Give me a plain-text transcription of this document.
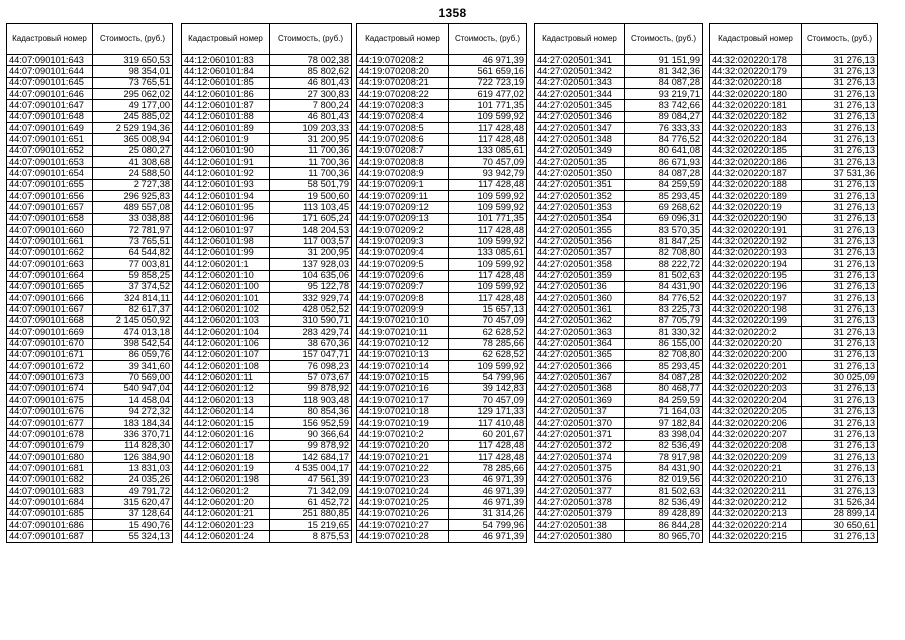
1358
Кадастровый номер	Стоимость, (руб.)
44:07:090101:643	319 650,53
44:07:090101:644	98 354,01
44:07:090101:645	73 765,51
44:07:090101:646	295 062,02
44:07:090101:647	49 177,00
44:07:090101:648	245 885,02
44:07:090101:649	2 529 194,36
44:07:090101:651	365 008,94
44:07:090101:652	25 080,27
44:07:090101:653	41 308,68
44:07:090101:654	24 588,50
44:07:090101:655	2 727,38
44:07:090101:656	296 925,83
44:07:090101:657	489 557,08
44:07:090101:658	33 038,88
44:07:090101:660	72 781,97
44:07:090101:661	73 765,51
44:07:090101:662	64 544,82
44:07:090101:663	77 003,81
44:07:090101:664	59 858,25
44:07:090101:665	37 374,52
44:07:090101:666	324 814,11
44:07:090101:667	82 617,37
44:07:090101:668	2 145 050,92
44:07:090101:669	474 013,18
44:07:090101:670	398 542,54
44:07:090101:671	86 059,76
44:07:090101:672	39 341,60
44:07:090101:673	70 569,00
44:07:090101:674	540 947,04
44:07:090101:675	14 458,04
44:07:090101:676	94 272,32
44:07:090101:677	183 184,34
44:07:090101:678	336 370,71
44:07:090101:679	114 828,30
44:07:090101:680	126 384,90
44:07:090101:681	13 831,03
44:07:090101:682	24 035,26
44:07:090101:683	49 791,72
44:07:090101:684	315 620,47
44:07:090101:685	37 128,64
44:07:090101:686	15 490,76
44:07:090101:687	55 324,13
Кадастровый номер	Стоимость, (руб.)
44:12:060101:83	78 002,38
44:12:060101:84	85 802,62
44:12:060101:85	46 801,43
44:12:060101:86	27 300,83
44:12:060101:87	7 800,24
44:12:060101:88	46 801,43
44:12:060101:89	109 203,33
44:12:060101:9	31 200,95
44:12:060101:90	11 700,36
44:12:060101:91	11 700,36
44:12:060101:92	11 700,36
44:12:060101:93	58 501,79
44:12:060101:94	19 500,60
44:12:060101:95	113 103,45
44:12:060101:96	171 605,24
44:12:060101:97	148 204,53
44:12:060101:98	117 003,57
44:12:060101:99	31 200,95
44:12:060201:1	137 928,03
44:12:060201:10	104 635,06
44:12:060201:100	95 122,78
44:12:060201:101	332 929,74
44:12:060201:102	428 052,52
44:12:060201:103	310 590,71
44:12:060201:104	283 429,74
44:12:060201:106	38 670,36
44:12:060201:107	157 047,71
44:12:060201:108	76 098,23
44:12:060201:11	57 073,67
44:12:060201:12	99 878,92
44:12:060201:13	118 903,48
44:12:060201:14	80 854,36
44:12:060201:15	156 952,59
44:12:060201:16	90 366,64
44:12:060201:17	99 878,92
44:12:060201:18	142 684,17
44:12:060201:19	4 535 004,17
44:12:060201:198	47 561,39
44:12:060201:2	71 342,09
44:12:060201:20	61 452,72
44:12:060201:21	251 880,85
44:12:060201:23	15 219,65
44:12:060201:24	8 875,53
Кадастровый номер	Стоимость, (руб.)
44:19:070208:2	46 971,39
44:19:070208:20	561 659,16
44:19:070208:21	722 723,19
44:19:070208:22	619 477,02
44:19:070208:3	101 771,35
44:19:070208:4	109 599,92
44:19:070208:5	117 428,48
44:19:070208:6	117 428,48
44:19:070208:7	133 085,61
44:19:070208:8	70 457,09
44:19:070208:9	93 942,79
44:19:070209:1	117 428,48
44:19:070209:11	109 599,92
44:19:070209:12	109 599,92
44:19:070209:13	101 771,35
44:19:070209:2	117 428,48
44:19:070209:3	109 599,92
44:19:070209:4	133 085,61
44:19:070209:5	109 599,92
44:19:070209:6	117 428,48
44:19:070209:7	109 599,92
44:19:070209:8	117 428,48
44:19:070209:9	15 657,13
44:19:070210:10	70 457,09
44:19:070210:11	62 628,52
44:19:070210:12	78 285,66
44:19:070210:13	62 628,52
44:19:070210:14	109 599,92
44:19:070210:15	54 799,96
44:19:070210:16	39 142,83
44:19:070210:17	70 457,09
44:19:070210:18	129 171,33
44:19:070210:19	117 410,48
44:19:070210:2	60 201,67
44:19:070210:20	117 428,48
44:19:070210:21	117 428,48
44:19:070210:22	78 285,66
44:19:070210:23	46 971,39
44:19:070210:24	46 971,39
44:19:070210:25	46 971,39
44:19:070210:26	31 314,26
44:19:070210:27	54 799,96
44:19:070210:28	46 971,39
Кадастровый номер	Стоимость, (руб.)
44:27:020501:341	91 151,99
44:27:020501:342	81 342,36
44:27:020501:343	84 087,28
44:27:020501:344	93 219,71
44:27:020501:345	83 742,66
44:27:020501:346	89 084,27
44:27:020501:347	76 333,33
44:27:020501:348	84 776,52
44:27:020501:349	80 641,08
44:27:020501:35	86 671,93
44:27:020501:350	84 087,28
44:27:020501:351	84 259,59
44:27:020501:352	85 293,45
44:27:020501:353	69 268,62
44:27:020501:354	69 096,31
44:27:020501:355	83 570,35
44:27:020501:356	81 847,25
44:27:020501:357	82 708,80
44:27:020501:358	88 222,72
44:27:020501:359	81 502,63
44:27:020501:36	84 431,90
44:27:020501:360	84 776,52
44:27:020501:361	83 225,73
44:27:020501:362	87 705,79
44:27:020501:363	81 330,32
44:27:020501:364	86 155,00
44:27:020501:365	82 708,80
44:27:020501:366	85 293,45
44:27:020501:367	84 087,28
44:27:020501:368	80 468,77
44:27:020501:369	84 259,59
44:27:020501:37	71 164,03
44:27:020501:370	97 182,84
44:27:020501:371	83 398,04
44:27:020501:372	82 536,49
44:27:020501:374	78 917,98
44:27:020501:375	84 431,90
44:27:020501:376	82 019,56
44:27:020501:377	81 502,63
44:27:020501:378	82 536,49
44:27:020501:379	89 428,89
44:27:020501:38	86 844,28
44:27:020501:380	80 965,70
Кадастровый номер	Стоимость, (руб.)
44:32:020220:178	31 276,13
44:32:020220:179	31 276,13
44:32:020220:18	31 276,13
44:32:020220:180	31 276,13
44:32:020220:181	31 276,13
44:32:020220:182	31 276,13
44:32:020220:183	31 276,13
44:32:020220:184	31 276,13
44:32:020220:185	31 276,13
44:32:020220:186	31 276,13
44:32:020220:187	37 531,36
44:32:020220:188	31 276,13
44:32:020220:189	31 276,13
44:32:020220:19	31 276,13
44:32:020220:190	31 276,13
44:32:020220:191	31 276,13
44:32:020220:192	31 276,13
44:32:020220:193	31 276,13
44:32:020220:194	31 276,13
44:32:020220:195	31 276,13
44:32:020220:196	31 276,13
44:32:020220:197	31 276,13
44:32:020220:198	31 276,13
44:32:020220:199	31 276,13
44:32:020220:2	31 276,13
44:32:020220:20	31 276,13
44:32:020220:200	31 276,13
44:32:020220:201	31 276,13
44:32:020220:202	30 025,09
44:32:020220:203	31 276,13
44:32:020220:204	31 276,13
44:32:020220:205	31 276,13
44:32:020220:206	31 276,13
44:32:020220:207	31 276,13
44:32:020220:208	31 276,13
44:32:020220:209	31 276,13
44:32:020220:21	31 276,13
44:32:020220:210	31 276,13
44:32:020220:211	31 276,13
44:32:020220:212	31 526,34
44:32:020220:213	28 899,14
44:32:020220:214	30 650,61
44:32:020220:215	31 276,13
